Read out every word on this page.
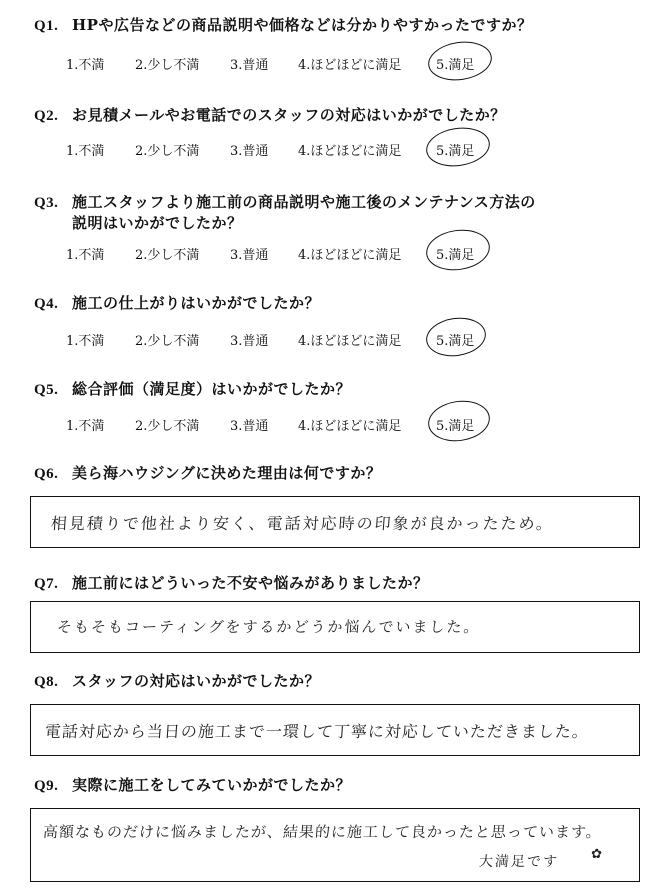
Q1. HPや広告などの商品説明や価格などは分かりやすかったですか？
1.不満 2.少し不満 3.普通 4.ほどほどに満足	5.満足
Q2. お見積メールやお電話でのスタッフの対応はいかがでしたか？
1.不満 2.少し不満 3.普通 4.ほどほどに満足	5.満足
Q3. 施工スタッフより施工前の商品説明や施工後のメンテナンス方法の
説明はいかがでしたか？
1.不満 2.少し不満 3.普通 4.ほどほどに満足	5.満足
Q4. 施工の仕上がりはいかがでしたか？
1.不満 2.少し不満 3.普通 4.ほどほどに満足	5.満足
Q5. 総合評価（満足度）はいかがでしたか？
1.不満 2.少し不満 3.普通 4.ほどほどに満足	5.満足
Q6. 美ら海ハウジングに決めた理由は何ですか？
相見積りで他社より安く、電話対応時の印象が良かったため。
Q7. 施工前にはどういった不安や悩みがありましたか？
そもそもコーティングをするかどうか悩んでいました。
Q8. スタッフの対応はいかがでしたか？
電話対応から当日の施工まで一環して丁寧に対応していただきました。
Q9. 実際に施工をしてみていかがでしたか？
高額なものだけに悩みましたが、結果的に施工して良かったと思っています。
大満足です ✿
